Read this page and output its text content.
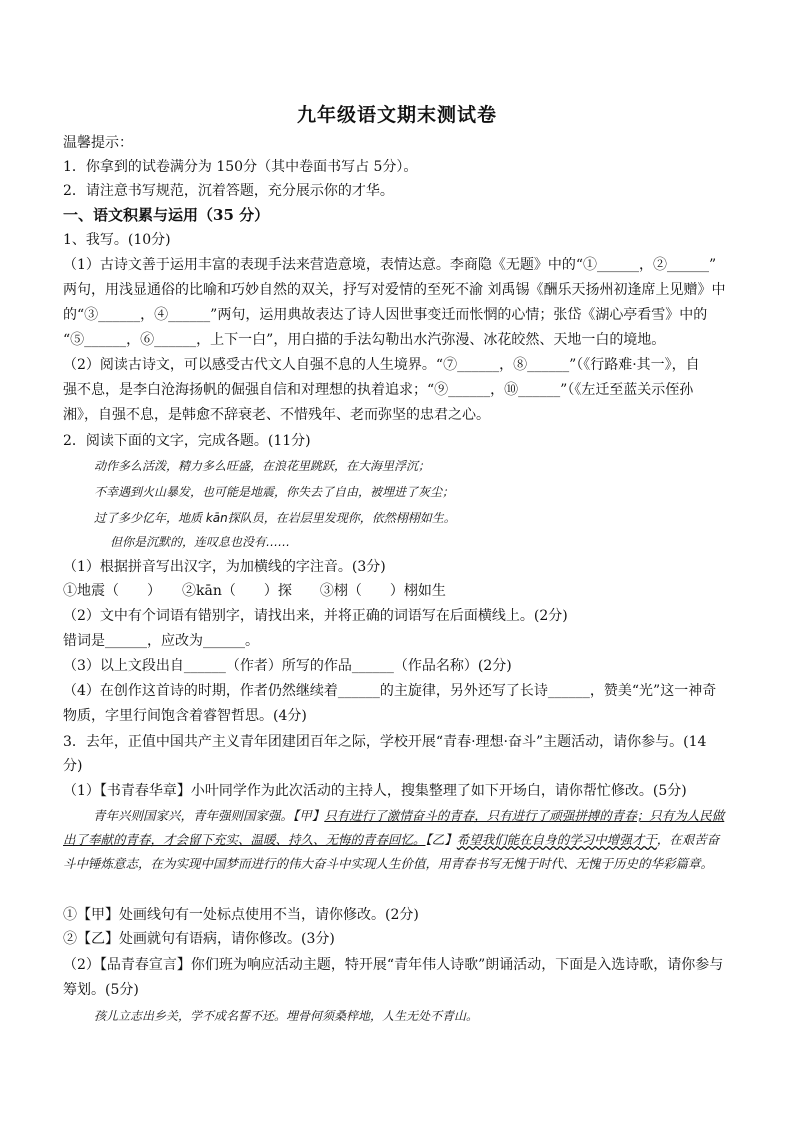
九年级语文期末测试卷
温馨提示：
1．你拿到的试卷满分为 150分（其中卷面书写占 5分）。
2．请注意书写规范，沉着答题，充分展示你的才华。
一、语文积累与运用（35 分）
1、我写。(10分)
（1）古诗文善于运用丰富的表现手法来营造意境，表情达意。李商隐《无题》中的“①______，②______”
两句，用浅显通俗的比喻和巧妙自然的双关，抒写对爱情的至死不渝 刘禹锡《酬乐天扬州初逢席上见赠》中
的“③______，④______”两句，运用典故表达了诗人因世事变迁而怅惘的心情；张岱《湖心亭看雪》中的
“⑤______，⑥______，上下一白”，用白描的手法勾勒出水汽弥漫、冰花皎然、天地一白的境地。
（2）阅读古诗文，可以感受古代文人自强不息的人生境界。“⑦______，⑧______”（《行路难·其一》，自
强不息，是李白沧海扬帆的倔强自信和对理想的执着追求；“⑨______，⑩______”（《左迁至蓝关示侄孙
湘》，自强不息，是韩愈不辞衰老、不惜残年、老而弥坚的忠君之心。
2．阅读下面的文字，完成各题。(11分)
动作多么活泼，精力多么旺盛，在浪花里跳跃，在大海里浮沉；
不幸遇到火山暴发，也可能是地震，你失去了自由，被埋进了灰尘；
过了多少亿年，地质 kān探队员，在岩层里发现你，依然栩栩如生。
但你是沉默的，连叹息也没有……
（1）根据拼音写出汉字，为加横线的字注音。(3分)
①地震（　　）　　②kān（　　）探　　③栩（　　）栩如生
（2）文中有个词语有错别字，请找出来，并将正确的词语写在后面横线上。(2分)
错词是______，应改为______。
（3）以上文段出自______（作者）所写的作品______（作品名称）(2分)
（4）在创作这首诗的时期，作者仍然继续着______的主旋律，另外还写了长诗______，赞美“光”这一神奇
物质，字里行间饱含着睿智哲思。(4分)
3．去年，正值中国共产主义青年团建团百年之际，学校开展“青春·理想·奋斗”主题活动，请你参与。(14
分)
（1）【书青春华章】小叶同学作为此次活动的主持人，搜集整理了如下开场白，请你帮忙修改。(5分)
青年兴则国家兴，青年强则国家强。【甲】只有进行了激情奋斗的青春，只有进行了顽强拼搏的青春；只有为人民做出了奉献的青春，才会留下充实、温暖、持久、无悔的青春回忆。【乙】希望我们能在自身的学习中增强才干，在艰苦奋斗中锤炼意志，在为实现中国梦而进行的伟大奋斗中实现人生价值，用青春书写无愧于时代、无愧于历史的华彩篇章。
①【甲】处画线句有一处标点使用不当，请你修改。(2分)
②【乙】处画就句有语病，请你修改。(3分)
（2）【品青春宣言】你们班为响应活动主题，特开展“青年伟人诗歌”朗诵活动，下面是入选诗歌，请你参与
筹划。(5分)
孩儿立志出乡关，学不成名誓不还。埋骨何须桑梓地，人生无处不青山。
